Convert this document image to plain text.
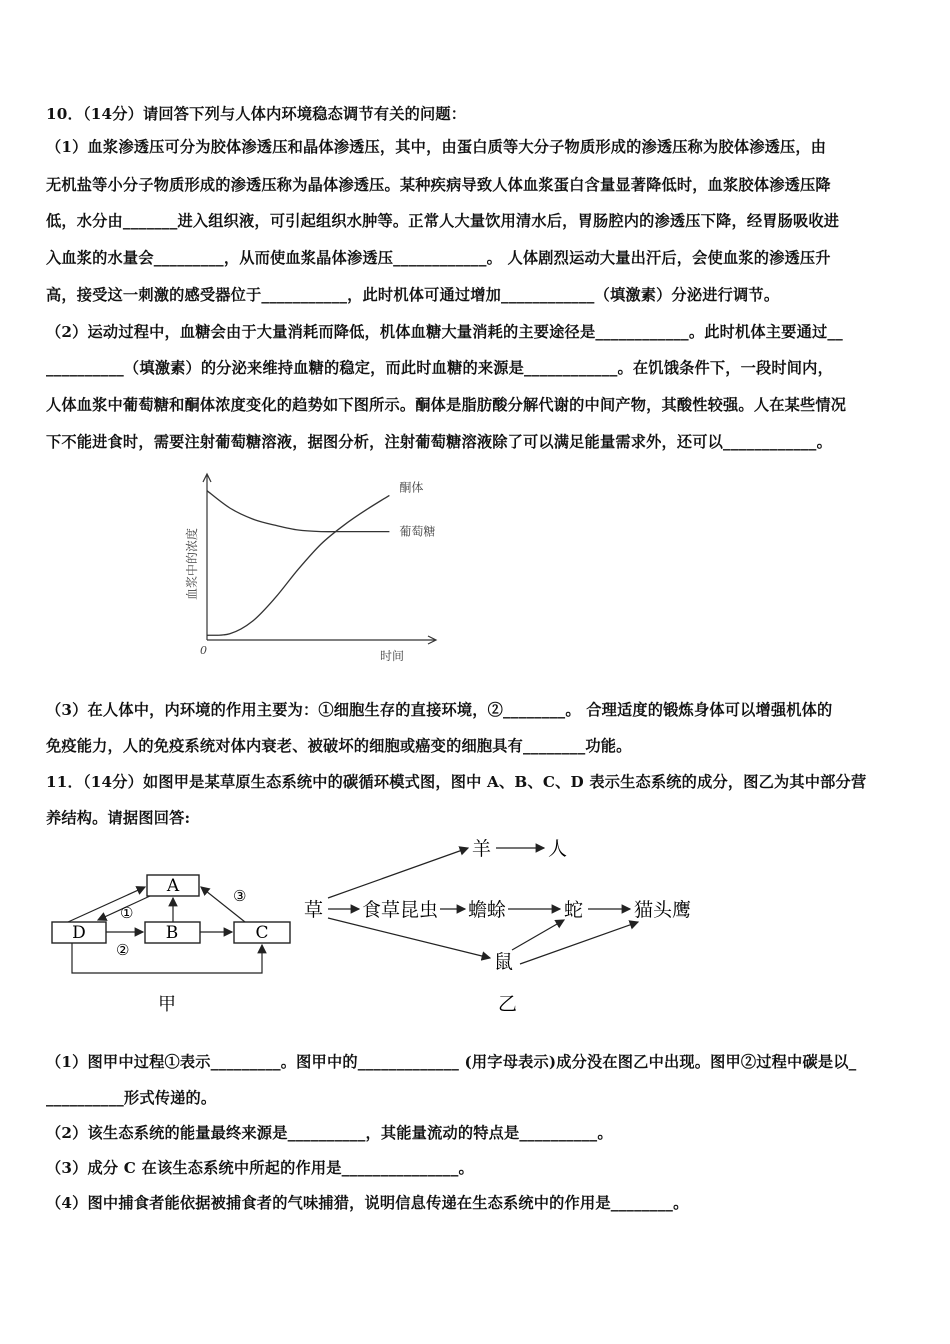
10．（14分）请回答下列与人体内环境稳态调节有关的问题：
（1）血浆渗透压可分为胶体渗透压和晶体渗透压，其中，由蛋白质等大分子物质形成的渗透压称为胶体渗透压，由
无机盐等小分子物质形成的渗透压称为晶体渗透压。某种疾病导致人体血浆蛋白含量显著降低时，血浆胶体渗透压降
低，水分由_______进入组织液，可引起组织水肿等。正常人大量饮用清水后，胃肠腔内的渗透压下降，经胃肠吸收进
入血浆的水量会_________，从而使血浆晶体渗透压____________。 人体剧烈运动大量出汗后，会使血浆的渗透压升
高，接受这一刺激的感受器位于___________，此时机体可通过增加____________（填激素）分泌进行调节。
（2）运动过程中，血糖会由于大量消耗而降低，机体血糖大量消耗的主要途径是____________。此时机体主要通过__
__________（填激素）的分泌来维持血糖的稳定，而此时血糖的来源是____________。在饥饿条件下，一段时间内，
人体血浆中葡萄糖和酮体浓度变化的趋势如下图所示。酮体是脂肪酸分解代谢的中间产物，其酸性较强。人在某些情况
下不能进食时，需要注射葡萄糖溶液，据图分析，注射葡萄糖溶液除了可以满足能量需求外，还可以____________。
血浆中的浓度
时间
0
酮体
葡萄糖
（3）在人体中，内环境的作用主要为：①细胞生存的直接环境，②________。 合理适度的锻炼身体可以增强机体的
免疫能力，人的免疫系统对体内衰老、被破坏的细胞或癌变的细胞具有________功能。
11．（14分）如图甲是某草原生态系统中的碳循环模式图，图中 A、B、C、D 表示生态系统的成分，图乙为其中部分营
养结构。请据图回答:
A
D	B	C
①
②
③
甲
羊	人
草 食草昆虫 蟾蜍	蛇	猫头鹰
鼠
乙
（1）图甲中过程①表示_________。图甲中的_____________ (用字母表示)成分没在图乙中出现。图甲②过程中碳是以_
__________形式传递的。
（2）该生态系统的能量最终来源是__________，其能量流动的特点是__________。
（3）成分 C 在该生态系统中所起的作用是_______________。
（4）图中捕食者能依据被捕食者的气味捕猎，说明信息传递在生态系统中的作用是________。
